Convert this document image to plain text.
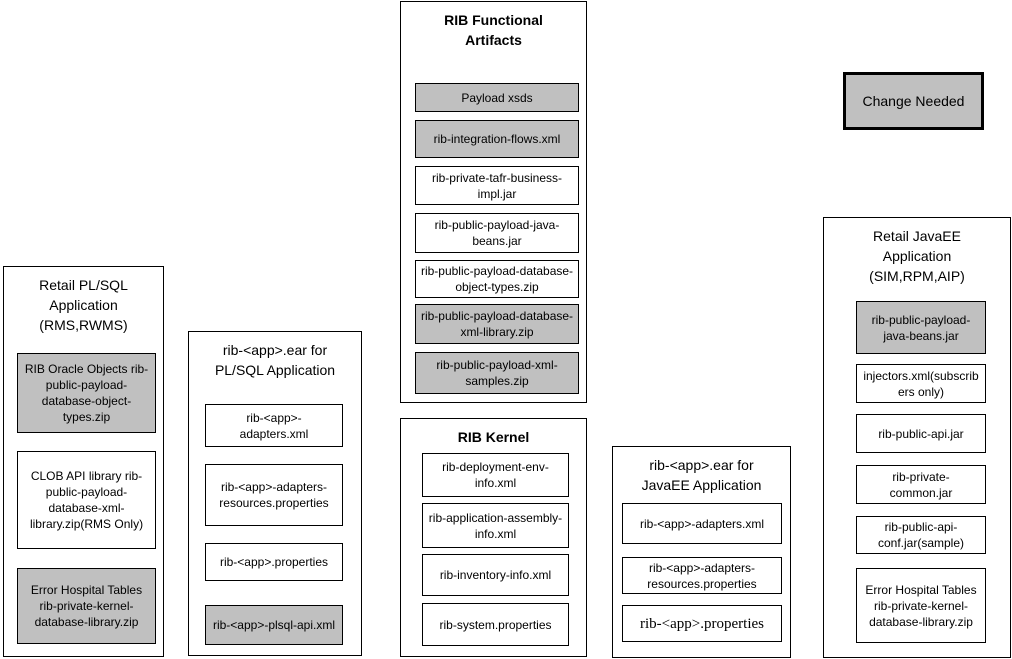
RIB Functional Artifacts
Payload xsds
rib-integration-flows.xml
rib-private-tafr-business-impl.jar
rib-public-payload-java-beans.jar
rib-public-payload-database-object-types.zip
rib-public-payload-database-xml-library.zip
rib-public-payload-xml-samples.zip
Change Needed
Retail PL/SQL Application (RMS,RWMS)
RIB Oracle Objects rib-public-payload-database-object-types.zip
CLOB API library rib-public-payload-database-xml-library.zip(RMS Only)
Error Hospital Tables rib-private-kernel-database-library.zip
rib-<app>.ear for PL/SQL Application
rib-<app>-adapters.xml
rib-<app>-adapters-resources.properties
rib-<app>.properties
rib-<app>-plsql-api.xml
RIB Kernel
rib-deployment-env-info.xml
rib-application-assembly-info.xml
rib-inventory-info.xml
rib-system.properties
rib-<app>.ear for JavaEE Application
rib-<app>-adapters.xml
rib-<app>-adapters-resources.properties
rib-<app>.properties
Retail JavaEE Application (SIM,RPM,AIP)
rib-public-payload-java-beans.jar
injectors.xml(subscribers only)
rib-public-api.jar
rib-private-common.jar
rib-public-api-conf.jar(sample)
Error Hospital Tables rib-private-kernel-database-library.zip
